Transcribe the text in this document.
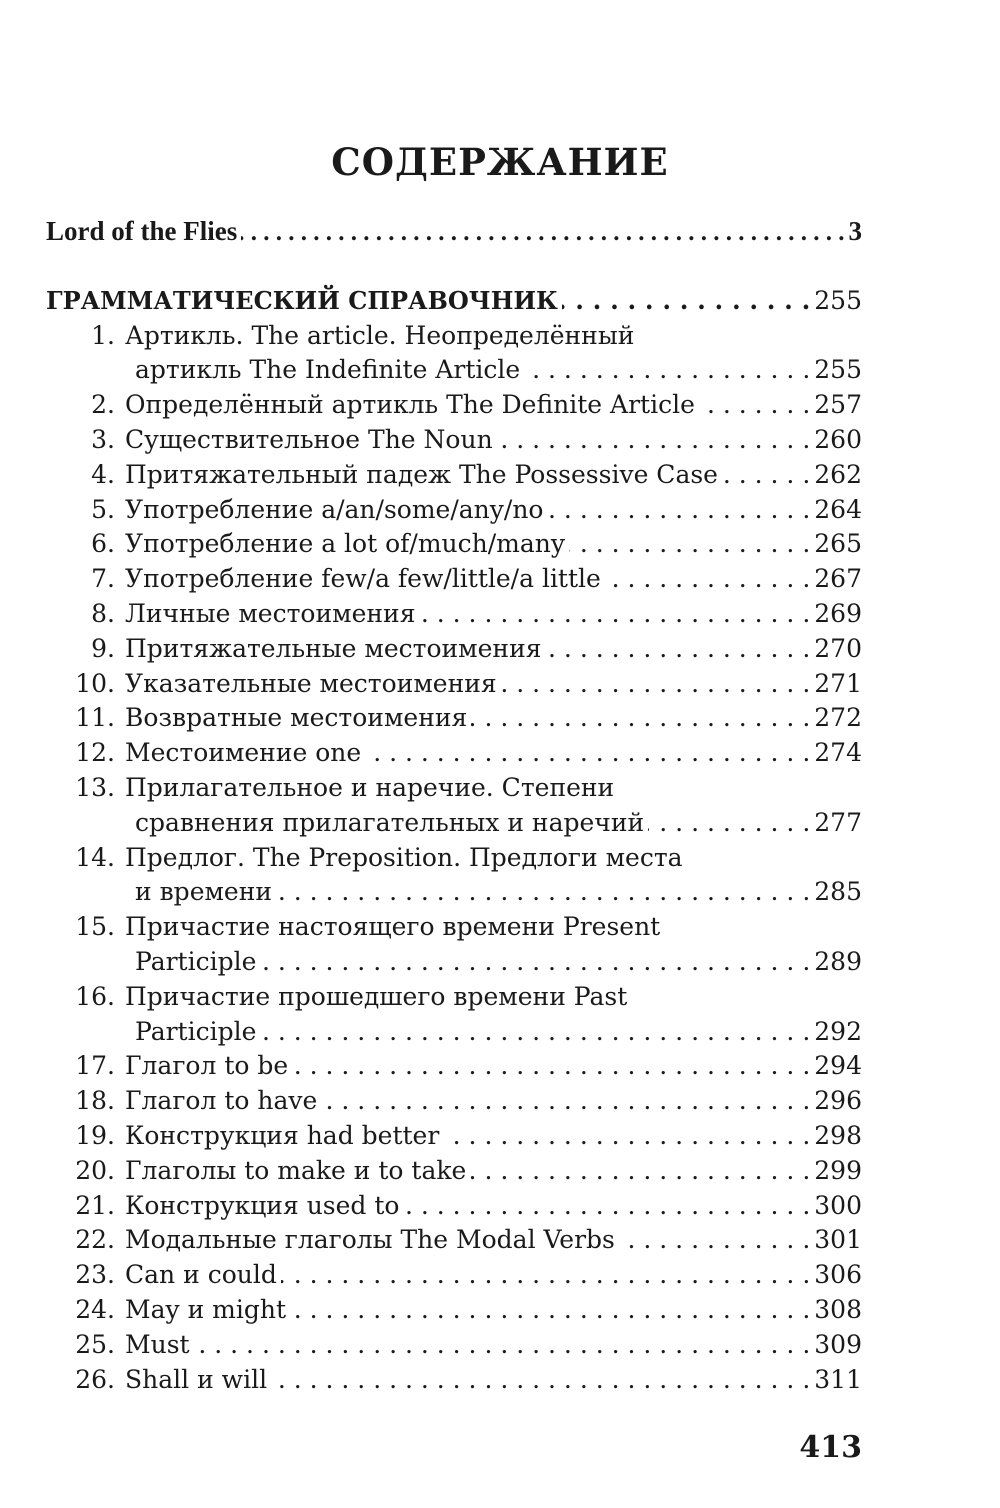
СОДЕРЖАНИЕ
Lord of the Flies . . .	3
ГРАММАТИЧЕСКИЙ СПРАВОЧНИК . . .	255
1. Артикль. The article. Неопределённый
артикль The Indefinite Article . . .	255
2. Определённый артикль The Definite Article . . .	257
3. Существительное The Noun . . .	260
4. Притяжательный падеж The Possessive Case . . .	262
5. Употребление a/an/some/any/no . . .	264
6. Употребление a lot of/much/many . . .	265
7. Употребление few/a few/little/a little . . .	267
8. Личные местоимения . . .	269
9. Притяжательные местоимения . . .	270
10. Указательные местоимения . . .	271
11. Возвратные местоимения . . .	272
12. Местоимение one . . .	274
13. Прилагательное и наречие. Степени
сравнения прилагательных и наречий . . .	277
14. Предлог. The Preposition. Предлоги места
и времени . . .	285
15. Причастие настоящего времени Present
Participle . . .	289
16. Причастие прошедшего времени Past
Participle . . .	292
17. Глагол to be . . .	294
18. Глагол to have . . .	296
19. Конструкция had better . . .	298
20. Глаголы to make и to take . . .	299
21. Конструкция used to . . .	300
22. Модальные глаголы The Modal Verbs . . .	301
23. Can и could . . .	306
24. May и might . . .	308
25. Must . . .	309
26. Shall и will . . .	311
413
